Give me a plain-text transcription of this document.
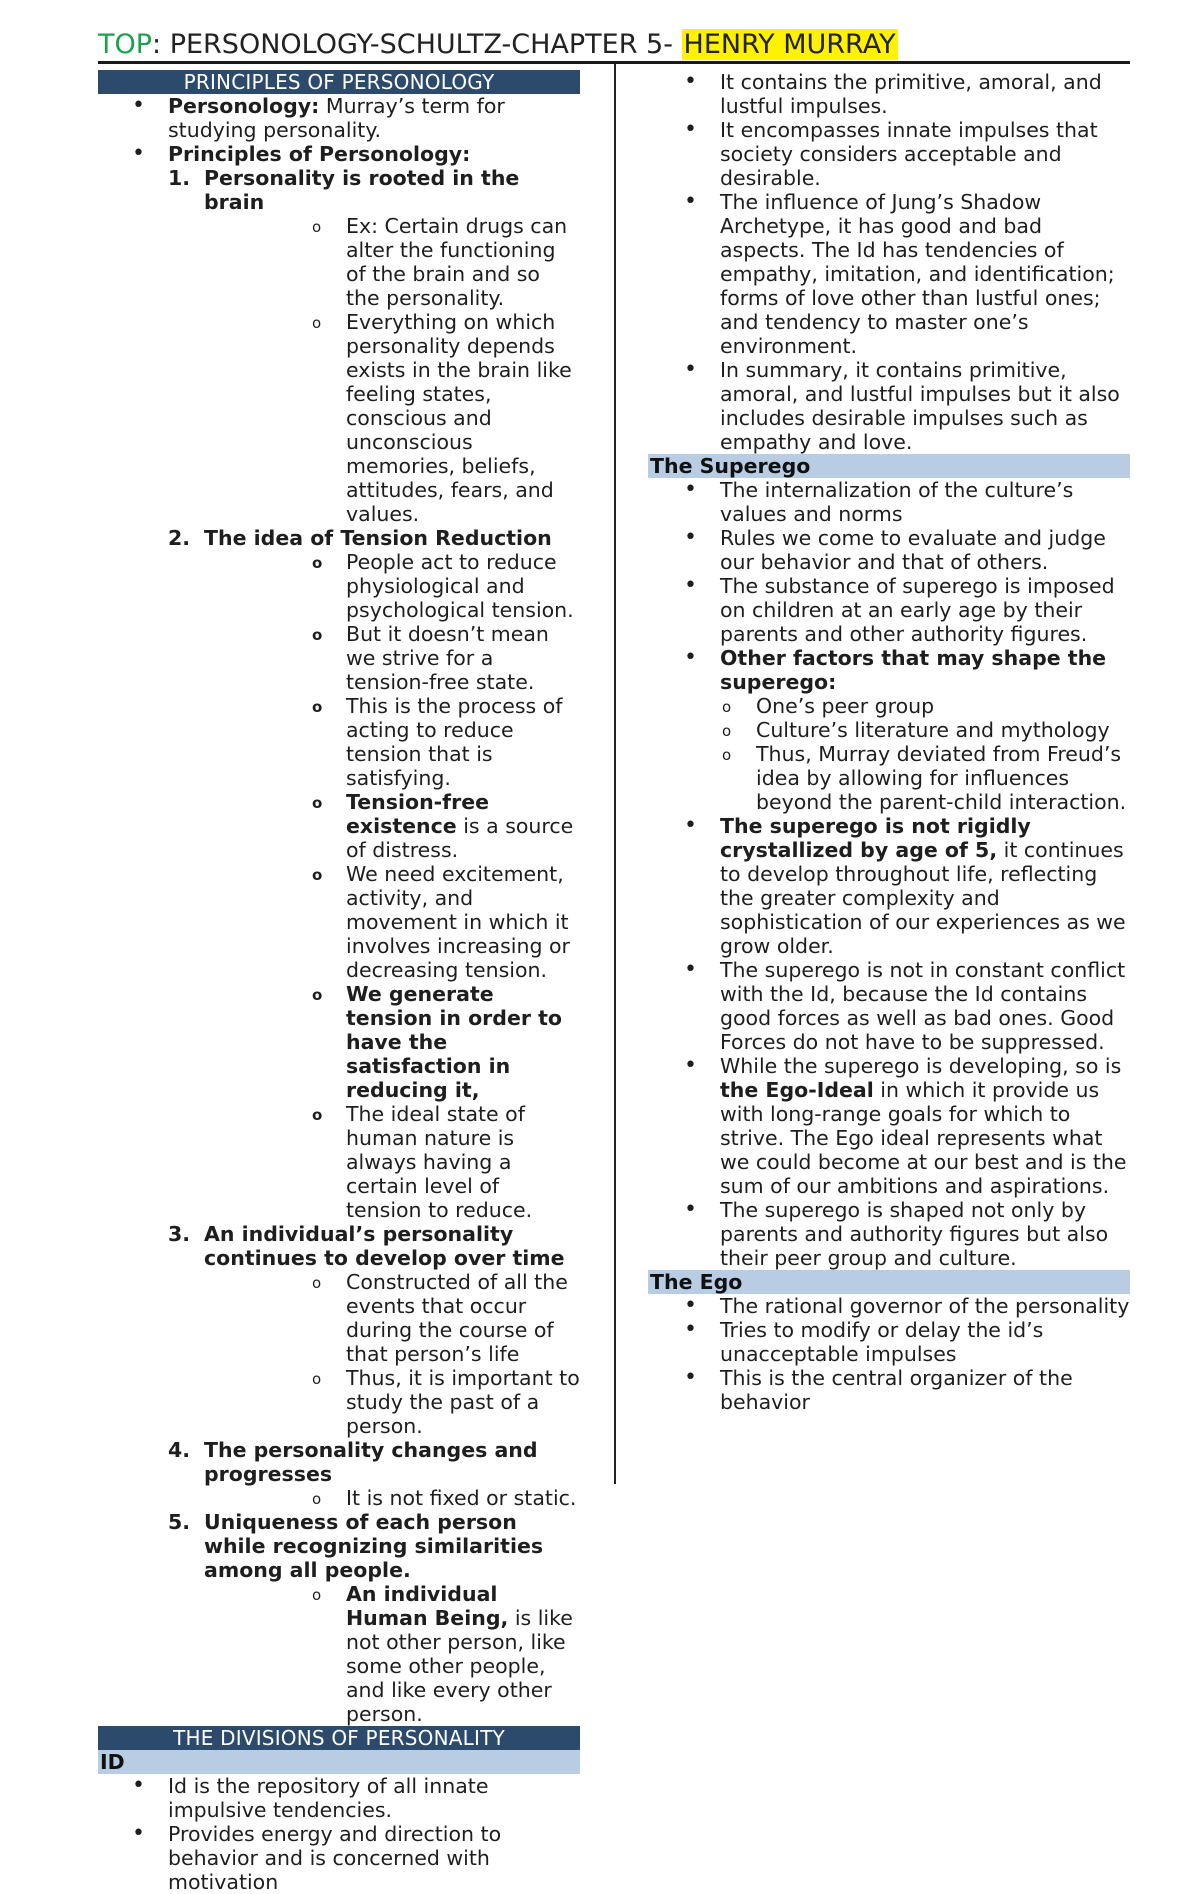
TOP: PERSONOLOGY-SCHULTZ-CHAPTER 5- HENRY MURRAY
PRINCIPLES OF PERSONOLOGY
• Personology: Murray’s term for studying personality.
• Principles of Personology:
1. Personality is rooted in the brain
o Ex: Certain drugs can alter the functioning of the brain and so the personality.
o Everything on which personality depends exists in the brain like feeling states, conscious and unconscious memories, beliefs, attitudes, fears, and values.
2. The idea of Tension Reduction
o People act to reduce physiological and psychological tension.
o But it doesn’t mean we strive for a tension-free state.
o This is the process of acting to reduce tension that is satisfying.
o Tension-free existence is a source of distress.
o We need excitement, activity, and movement in which it involves increasing or decreasing tension.
o We generate tension in order to have the satisfaction in reducing it,
o The ideal state of human nature is always having a certain level of tension to reduce.
3. An individual’s personality continues to develop over time
o Constructed of all the events that occur during the course of that person’s life
o Thus, it is important to study the past of a person.
4. The personality changes and progresses
o It is not fixed or static.
5. Uniqueness of each person while recognizing similarities among all people.
o An individual Human Being, is like not other person, like some other people, and like every other person.
THE DIVISIONS OF PERSONALITY
ID
• Id is the repository of all innate impulsive tendencies.
• Provides energy and direction to behavior and is concerned with motivation
• It contains the primitive, amoral, and lustful impulses.
• It encompasses innate impulses that society considers acceptable and desirable.
• The influence of Jung’s Shadow Archetype, it has good and bad aspects. The Id has tendencies of empathy, imitation, and identification; forms of love other than lustful ones; and tendency to master one’s environment.
• In summary, it contains primitive, amoral, and lustful impulses but it also includes desirable impulses such as empathy and love.
The Superego
• The internalization of the culture’s values and norms
• Rules we come to evaluate and judge our behavior and that of others.
• The substance of superego is imposed on children at an early age by their parents and other authority figures.
• Other factors that may shape the superego:
o One’s peer group
o Culture’s literature and mythology
o Thus, Murray deviated from Freud’s idea by allowing for influences beyond the parent-child interaction.
• The superego is not rigidly crystallized by age of 5, it continues to develop throughout life, reflecting the greater complexity and sophistication of our experiences as we grow older.
• The superego is not in constant conflict with the Id, because the Id contains good forces as well as bad ones. Good Forces do not have to be suppressed.
• While the superego is developing, so is the Ego-Ideal in which it provide us with long-range goals for which to strive. The Ego ideal represents what we could become at our best and is the sum of our ambitions and aspirations.
• The superego is shaped not only by parents and authority figures but also their peer group and culture.
The Ego
• The rational governor of the personality
• Tries to modify or delay the id’s unacceptable impulses
• This is the central organizer of the behavior
